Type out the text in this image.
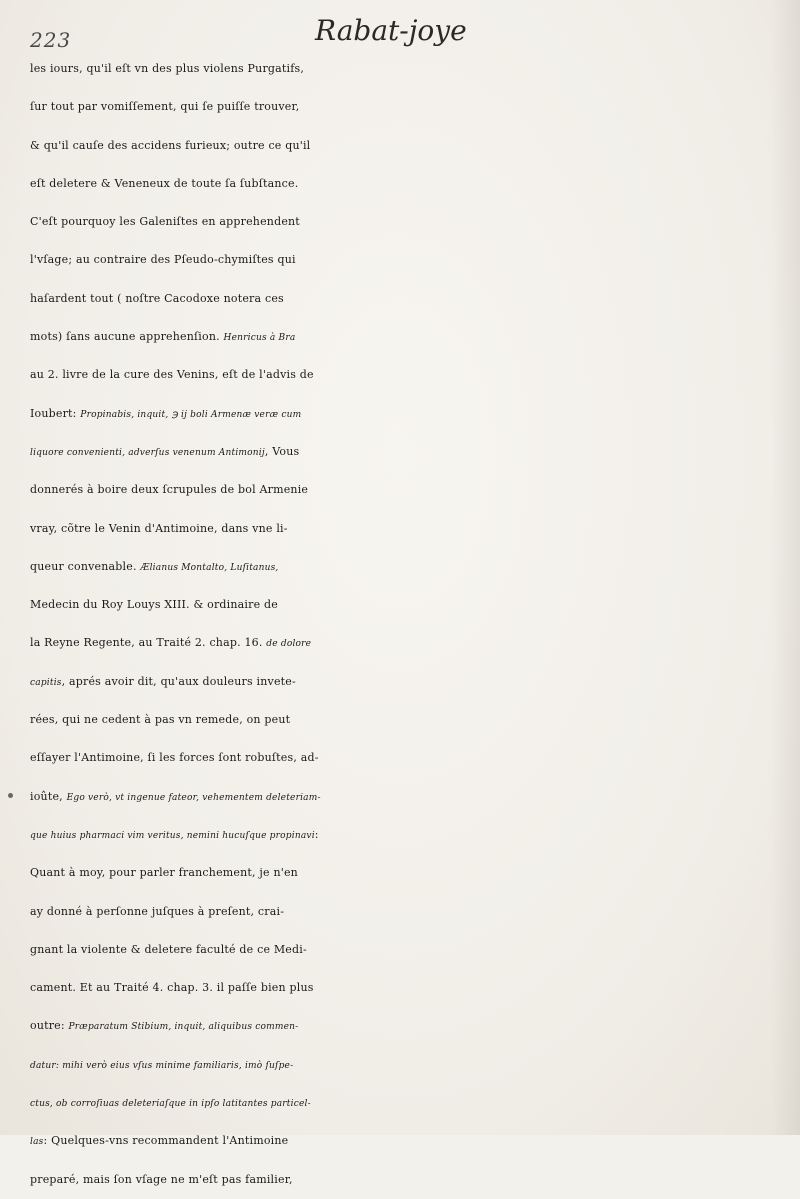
223	Rabat-joye
les iours, qu'il eſt vn des plus violens Purgatifs,
ſur tout par vomiſſement, qui ſe puiſſe trouver,
& qu'il cauſe des accidens furieux; outre ce qu'il
eſt deletere & Veneneux de toute ſa ſubſtance.
C'eſt pourquoy les Galeniſtes en apprehendent
l'vſage; au contraire des Pſeudo-chymiſtes qui
haſardent tout ( noſtre Cacodoxe notera ces
mots) ſans aucune apprehenſion. Henricus à Bra
au 2. livre de la cure des Venins, eſt de l'advis de
Ioubert: Propinabis, inquit, ℈ ij boli Armenæ veræ cum
liquore convenienti, adverſus venenum Antimonij, Vous
donnerés à boire deux ſcrupules de bol Armenie
vray, cõtre le Venin d'Antimoine, dans vne li-
queur convenable. Ælianus Montalto, Luſitanus,
Medecin du Roy Louys XIII. & ordinaire de
la Reyne Regente, au Traité 2. chap. 16. de dolore
capitis, aprés avoir dit, qu'aux douleurs invete-
rées, qui ne cedent à pas vn remede, on peut
eſſayer l'Antimoine, ſi les forces ſont robuſtes, ad-
ioûte, Ego verò, vt ingenue fateor, vehementem deleteriam-
que huius pharmaci vim veritus, nemini hucuſque propinavi:
Quant à moy, pour parler franchement, je n'en
ay donné à perſonne juſques à preſent, crai-
gnant la violente & deletere faculté de ce Medi-
cament. Et au Traité 4. chap. 3. il paſſe bien plus
outre: Præparatum Stibium, inquit, aliquibus commen-
datur: mihi verò eius vſus minime familiaris, imò ſuſpe-
ctus, ob corroſiuas deleteriaſque in ipſo latitantes particel-
las: Quelques-vns recommandent l'Antimoine
preparé, mais ſon vſage ne m'eſt pas familier,
